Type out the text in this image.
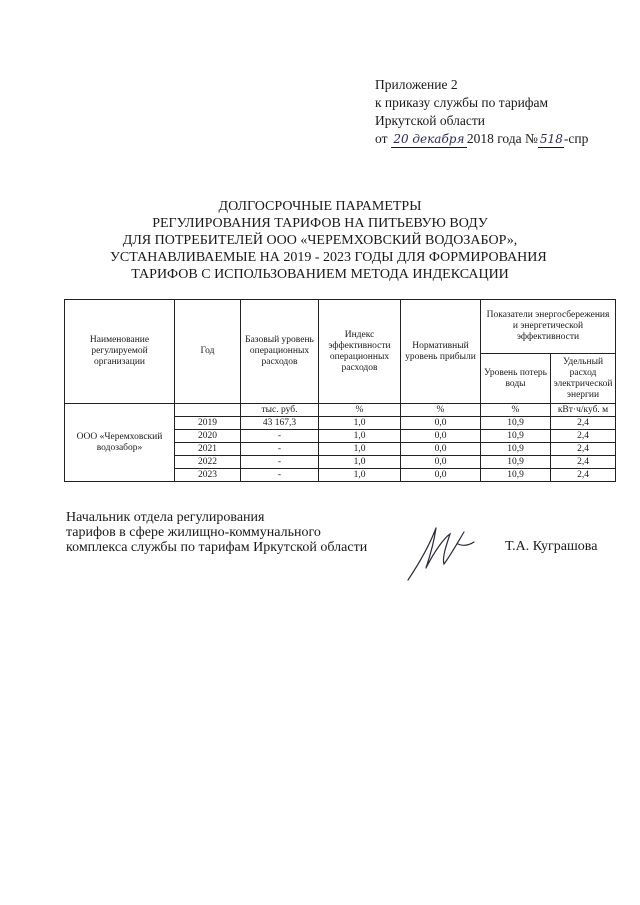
Приложение 2
к приказу службы по тарифам
Иркутской области
от 20 декабря 2018 года № 518-спр
ДОЛГОСРОЧНЫЕ ПАРАМЕТРЫ
РЕГУЛИРОВАНИЯ ТАРИФОВ НА ПИТЬЕВУЮ ВОДУ
ДЛЯ ПОТРЕБИТЕЛЕЙ ООО «ЧЕРЕМХОВСКИЙ ВОДОЗАБОР»,
УСТАНАВЛИВАЕМЫЕ НА 2019 - 2023 ГОДЫ ДЛЯ ФОРМИРОВАНИЯ
ТАРИФОВ С ИСПОЛЬЗОВАНИЕМ МЕТОДА ИНДЕКСАЦИИ
Наименование регулируемой организации	Год	Базовый уровень операционных расходов	Индекс эффективности операционных расходов	Нормативный уровень прибыли	Показатели энергосбережения и энергетической эффективности	
					Уровень потерь воды	Удельный расход электрической энергии
ООО «Черемховский водозабор»		тыс. руб.	%	%	%	кВт·ч/куб. м
	2019	43 167,3	1,0	0,0	10,9	2,4
	2020	-	1,0	0,0	10,9	2,4
	2021	-	1,0	0,0	10,9	2,4
	2022	-	1,0	0,0	10,9	2,4
	2023	-	1,0	0,0	10,9	2,4
Начальник отдела регулирования
тарифов в сфере жилищно-коммунального
комплекса службы по тарифам Иркутской области	Т.А. Куграшова
